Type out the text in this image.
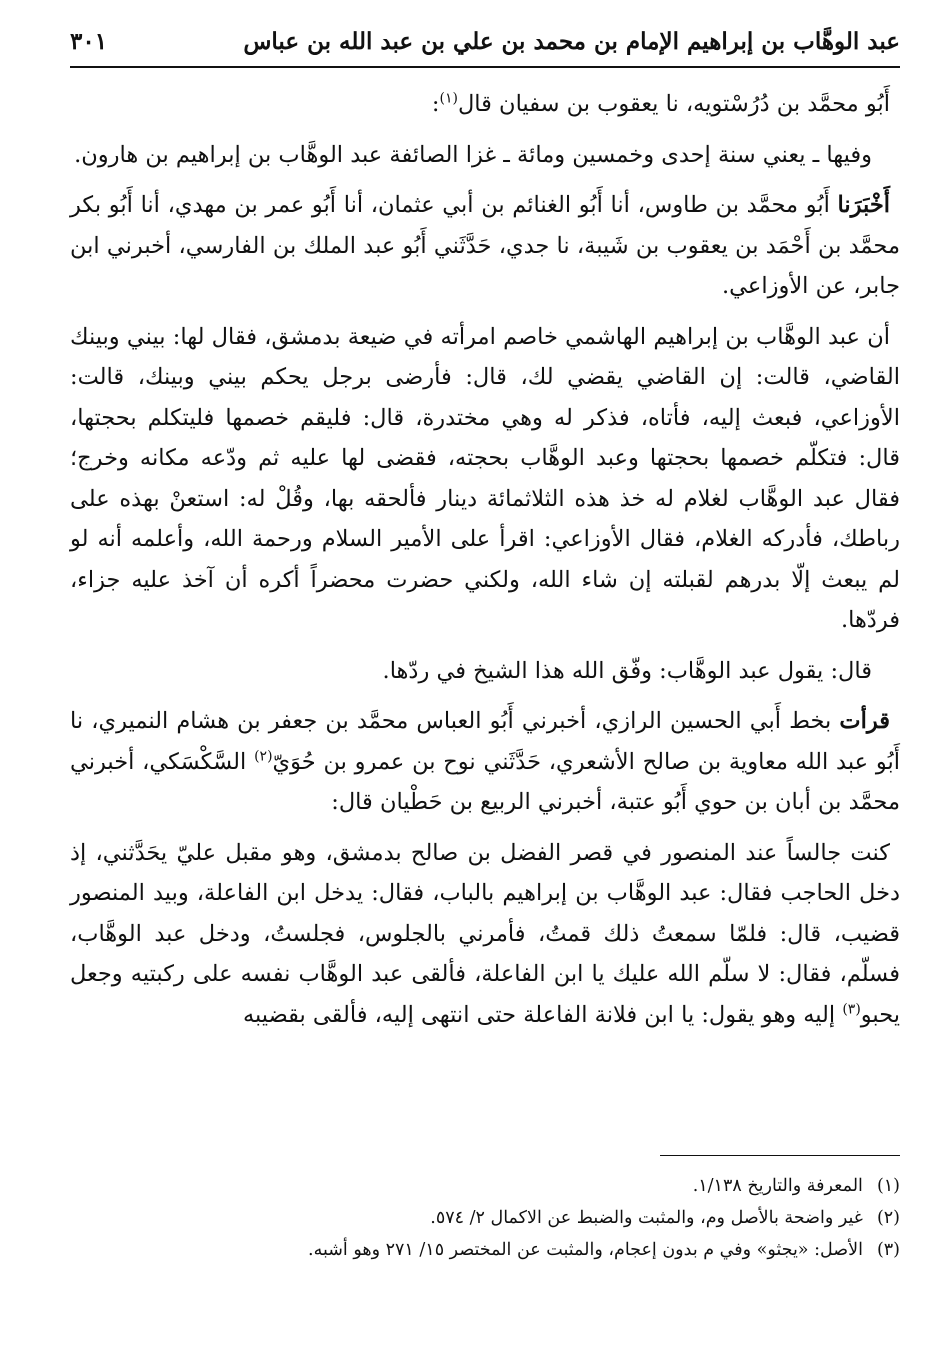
عبد الوهَّاب بن إبراهيم الإمام بن محمد بن علي بن عبد الله بن عباس
٣٠١

أَبُو محمَّد بن دُرُسْتويه، نا يعقوب بن سفيان قال$^{(١)}$:

وفيها ـ يعني سنة إحدى وخمسين ومائة ـ غزا الصائفة عبد الوهَّاب بن إبراهيم بن هارون.

أَخْبَرَنا أَبُو محمَّد بن طاوس، أنا أَبُو الغنائم بن أبي عثمان، أنا أَبُو عمر بن مهدي، أنا أَبُو بكر محمَّد بن أَحْمَد بن يعقوب بن شَيبة، نا جدي، حَدَّثَني أَبُو عبد الملك بن الفارسي، أخبرني ابن جابر، عن الأوزاعي.

أن عبد الوهَّاب بن إبراهيم الهاشمي خاصم امرأته في ضيعة بدمشق، فقال لها: بيني وبينك القاضي، قالت: إن القاضي يقضي لك، قال: فأرضى برجل يحكم بيني وبينك، قالت: الأوزاعي، فبعث إليه، فأتاه، فذكر له وهي مختدرة، قال: فليقم خصمها فليتكلم بحجتها، قال: فتكلّم خصمها بحجتها وعبد الوهَّاب بحجته، فقضى لها عليه ثم ودّعه مكانه وخرج؛ فقال عبد الوهَّاب لغلام له خذ هذه الثلاثمائة دينار فألحقه بها، وقُلْ له: استعنْ بهذه على رباطك، فأدركه الغلام، فقال الأوزاعي: اقرأ على الأمير السلام ورحمة الله، وأعلمه أنه لو لم يبعث إلّا بدرهم لقبلته إن شاء الله، ولكني حضرت محضراً أكره أن آخذ عليه جزاء، فردّها.

قال: يقول عبد الوهَّاب: وفّق الله هذا الشيخ في ردّها.

قرأت بخط أَبي الحسين الرازي، أخبرني أَبُو العباس محمَّد بن جعفر بن هشام النميري، نا أَبُو عبد الله معاوية بن صالح الأشعري، حَدَّثَني نوح بن عمرو بن حُوَيّ$^{(٢)}$ السَّكْسَكي، أخبرني محمَّد بن أبان بن حوي أَبُو عتبة، أخبرني الربيع بن حَطْيان قال:

كنت جالساً عند المنصور في قصر الفضل بن صالح بدمشق، وهو مقبل عليّ يحَدَّثني، إذ دخل الحاجب فقال: عبد الوهَّاب بن إبراهيم بالباب، فقال: يدخل ابن الفاعلة، وبيد المنصور قضيب، قال: فلمّا سمعتُ ذلك قمتُ، فأمرني بالجلوس، فجلستُ، ودخل عبد الوهَّاب، فسلّم، فقال: لا سلّم الله عليك يا ابن الفاعلة، فألقى عبد الوهَّاب نفسه على ركبتيه وجعل يحبو$^{(٣)}$ إليه وهو يقول: يا ابن فلانة الفاعلة حتى انتهى إليه، فألقى بقضيبه

(١)
المعرفة والتاريخ ١/١٣٨.
(٢)
غير واضحة بالأصل وم، والمثبت والضبط عن الاكمال ٢/ ٥٧٤.
(٣)
الأصل: «يجثو» وفي م بدون إعجام، والمثبت عن المختصر ١٥/ ٢٧١ وهو أشبه.
